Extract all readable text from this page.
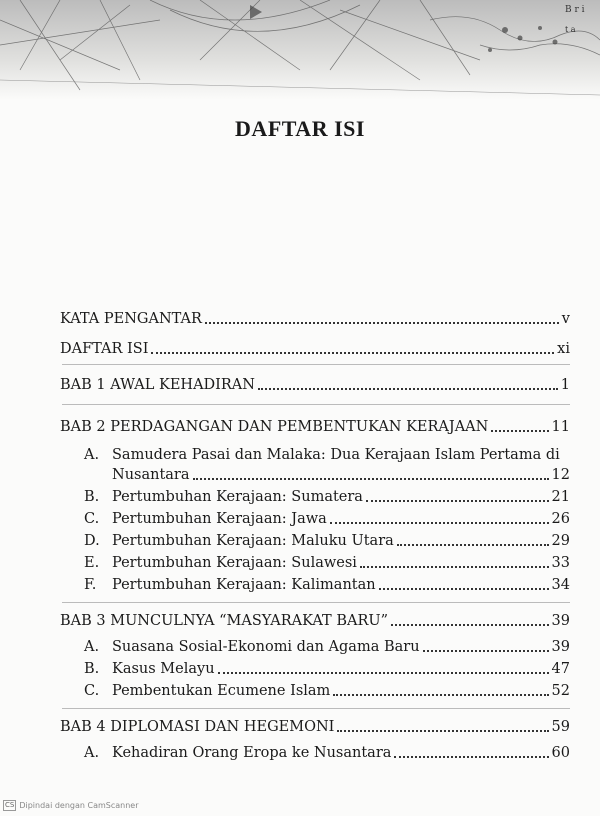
B r i
t a
DAFTAR ISI
KATA PENGANTAR	v
DAFTAR ISI	xi
BAB 1 AWAL KEHADIRAN	1
BAB 2 PERDAGANGAN DAN PEMBENTUKAN KERAJAAN	11
A. Samudera Pasai dan Malaka: Dua Kerajaan Islam Pertama di
Nusantara	12
B. Pertumbuhan Kerajaan: Sumatera	21
C. Pertumbuhan Kerajaan: Jawa	26
D. Pertumbuhan Kerajaan: Maluku Utara	29
E. Pertumbuhan Kerajaan: Sulawesi	33
F.	Pertumbuhan Kerajaan: Kalimantan	34
BAB 3 MUNCULNYA “MASYARAKAT BARU”	39
A. Suasana Sosial-Ekonomi dan Agama Baru	39
B. Kasus Melayu	47
C. Pembentukan Ecumene Islam	52
BAB 4 DIPLOMASI DAN HEGEMONI	59
A. Kehadiran Orang Eropa ke Nusantara	60
CS Dipindai dengan CamScanner
